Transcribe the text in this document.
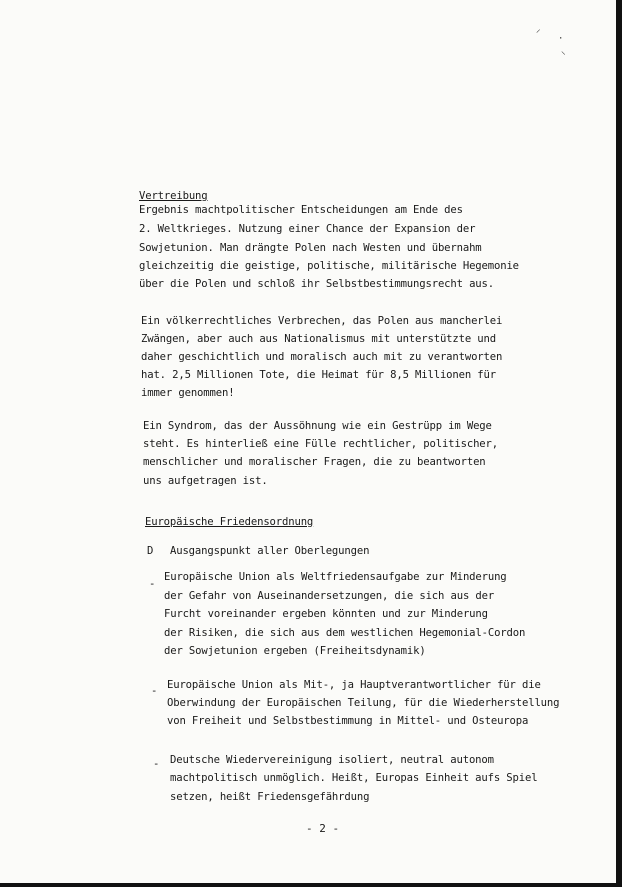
⸝
·
⸜
Vertreibung
Ergebnis machtpolitischer Entscheidungen am Ende des
2. Weltkrieges. Nutzung einer Chance der Expansion der
Sowjetunion. Man drängte Polen nach Westen und übernahm
gleichzeitig die geistige, politische, militärische Hegemonie
über die Polen und schloß ihr Selbstbestimmungsrecht aus.
Ein völkerrechtliches Verbrechen, das Polen aus mancherlei
Zwängen, aber auch aus Nationalismus mit unterstützte und
daher geschichtlich und moralisch auch mit zu verantworten
hat. 2,5 Millionen Tote, die Heimat für 8,5 Millionen für
immer genommen!
Ein Syndrom, das der Aussöhnung wie ein Gestrüpp im Wege
steht. Es hinterließ eine Fülle rechtlicher, politischer,
menschlicher und moralischer Fragen, die zu beantworten
uns aufgetragen ist.
Europäische Friedensordnung
D Ausgangspunkt aller Oberlegungen
-
Europäische Union als Weltfriedensaufgabe zur Minderung
der Gefahr von Auseinandersetzungen, die sich aus der
Furcht voreinander ergeben könnten und zur Minderung
der Risiken, die sich aus dem westlichen Hegemonial-Cordon
der Sowjetunion ergeben (Freiheitsdynamik)
- Europäische Union als Mit-, ja Hauptverantwortlicher für die
Oberwindung der Europäischen Teilung, für die Wiederherstellung
von Freiheit und Selbstbestimmung in Mittel- und Osteuropa
- Deutsche Wiedervereinigung isoliert, neutral autonom
machtpolitisch unmöglich. Heißt, Europas Einheit aufs Spiel
setzen, heißt Friedensgefährdung
- 2 -
